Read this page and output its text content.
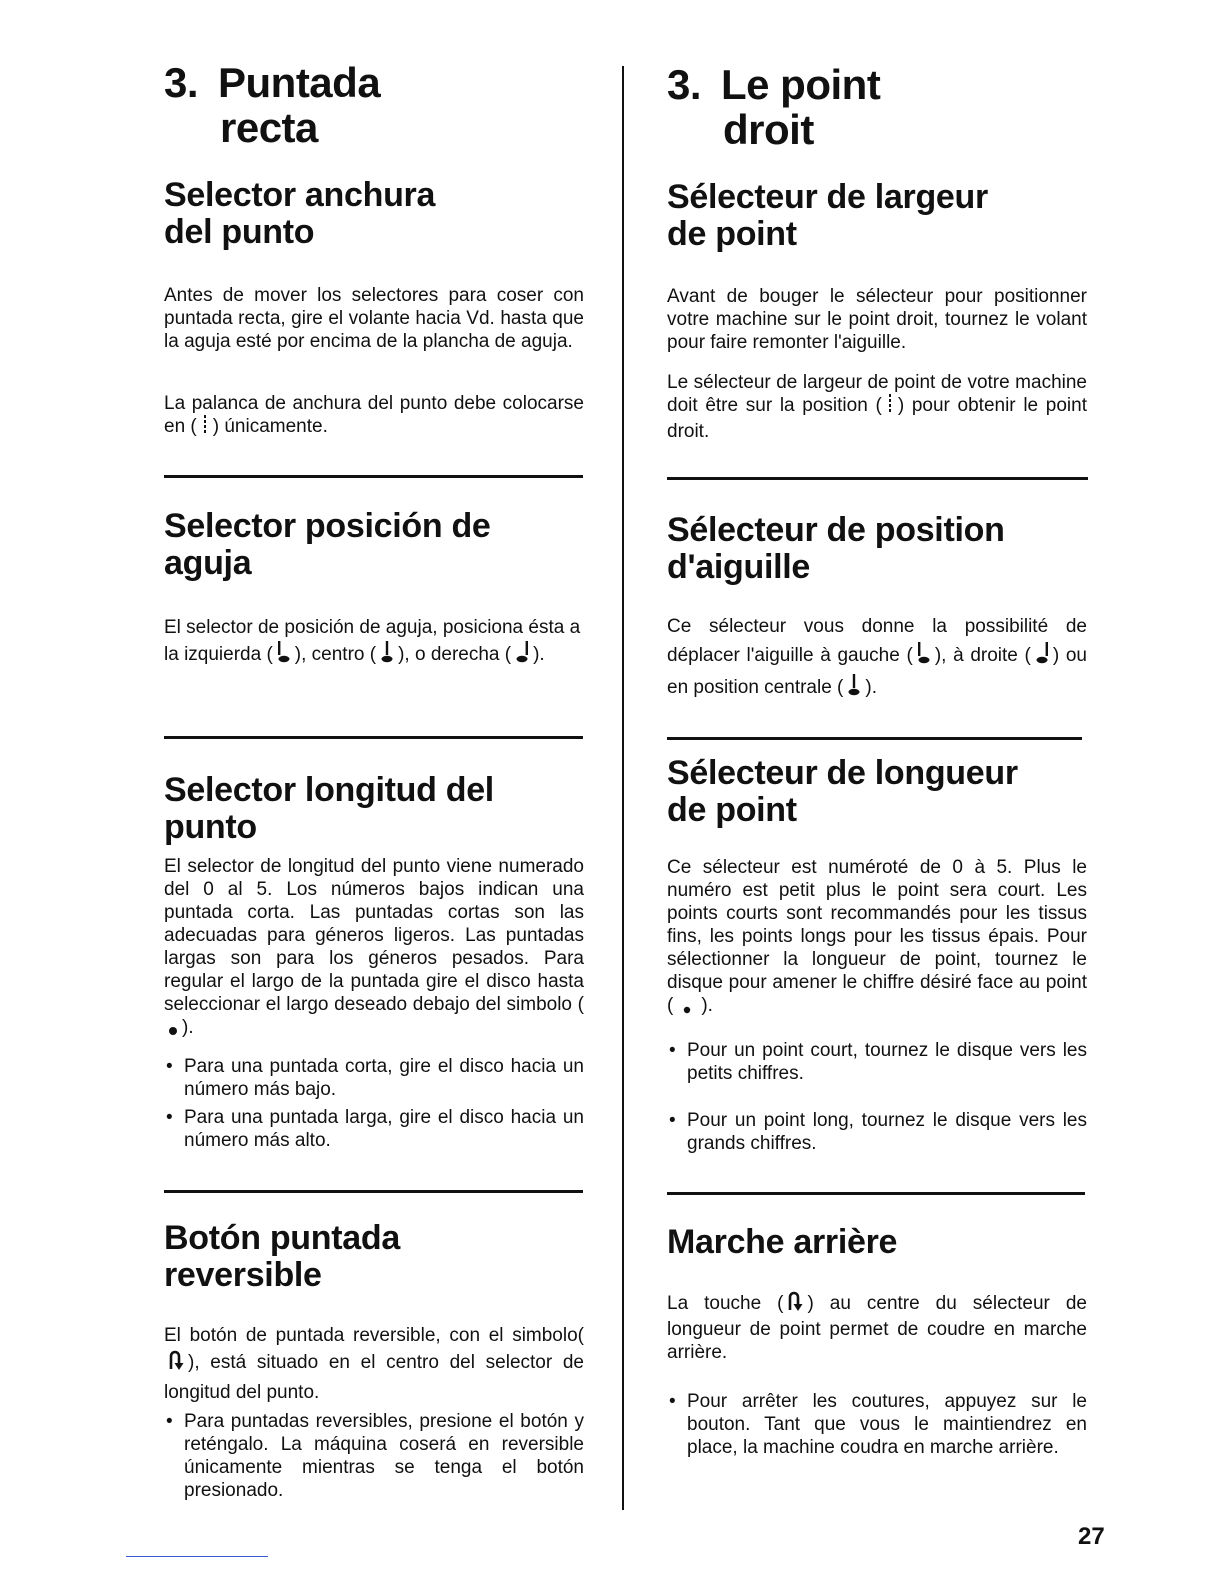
3. Puntada
recta
Selector anchura
del punto

Antes de mover los selectores para coser con puntada recta, gire el volante hacia Vd. hasta que la aguja esté por encima de la plancha de aguja.

La palanca de anchura del punto debe colocarse en ( ) únicamente.

Selector posición de
aguja

El selector de posición de aguja, posiciona ésta a la izquierda ( ), centro ( ), o derecha ( ).

Selector longitud del
punto

El selector de longitud del punto viene numerado del 0 al 5. Los números bajos indican una puntada corta. Las puntadas cortas son las adecuadas para géneros ligeros. Las puntadas largas son para los géneros pesados. Para regular el largo de la puntada gire el disco hasta seleccionar el largo deseado debajo del simbolo ().

• Para una puntada corta, gire el disco hacia un número más bajo.
• Para una puntada larga, gire el disco hacia un número más alto.
Botón puntada
reversible

El botón de puntada reversible, con el simbolo(), está situado en el centro del selector de longitud del punto.

• Para puntadas reversibles, presione el botón y reténgalo. La máquina coserá en reversible únicamente mientras se tenga el botón presionado.
3. Le point
droit
Sélecteur de largeur
de point

Avant de bouger le sélecteur pour positionner votre machine sur le point droit, tournez le volant pour faire remonter l'aiguille.

Le sélecteur de largeur de point de votre machine doit être sur la position ( ) pour obtenir le point droit.

Sélecteur de position
d'aiguille

Ce sélecteur vous donne la possibilité de déplacer l'aiguille à gauche ( ), à droite ( ) ou en position centrale ( ).

Sélecteur de longueur
de point

Ce sélecteur est numéroté de 0 à 5. Plus le numéro est petit plus le point sera court. Les points courts sont recommandés pour les tissus fins, les points longs pour les tissus épais. Pour sélectionner la longueur de point, tournez le disque pour amener le chiffre désiré face au point ( ).

• Pour un point court, tournez le disque vers les petits chiffres.
• Pour un point long, tournez le disque vers les grands chiffres.
Marche arrière

La touche ( ) au centre du sélecteur de longueur de point permet de coudre en marche arrière.

• Pour arrêter les coutures, appuyez sur le bouton. Tant que vous le maintiendrez en place, la machine coudra en marche arrière.
27
